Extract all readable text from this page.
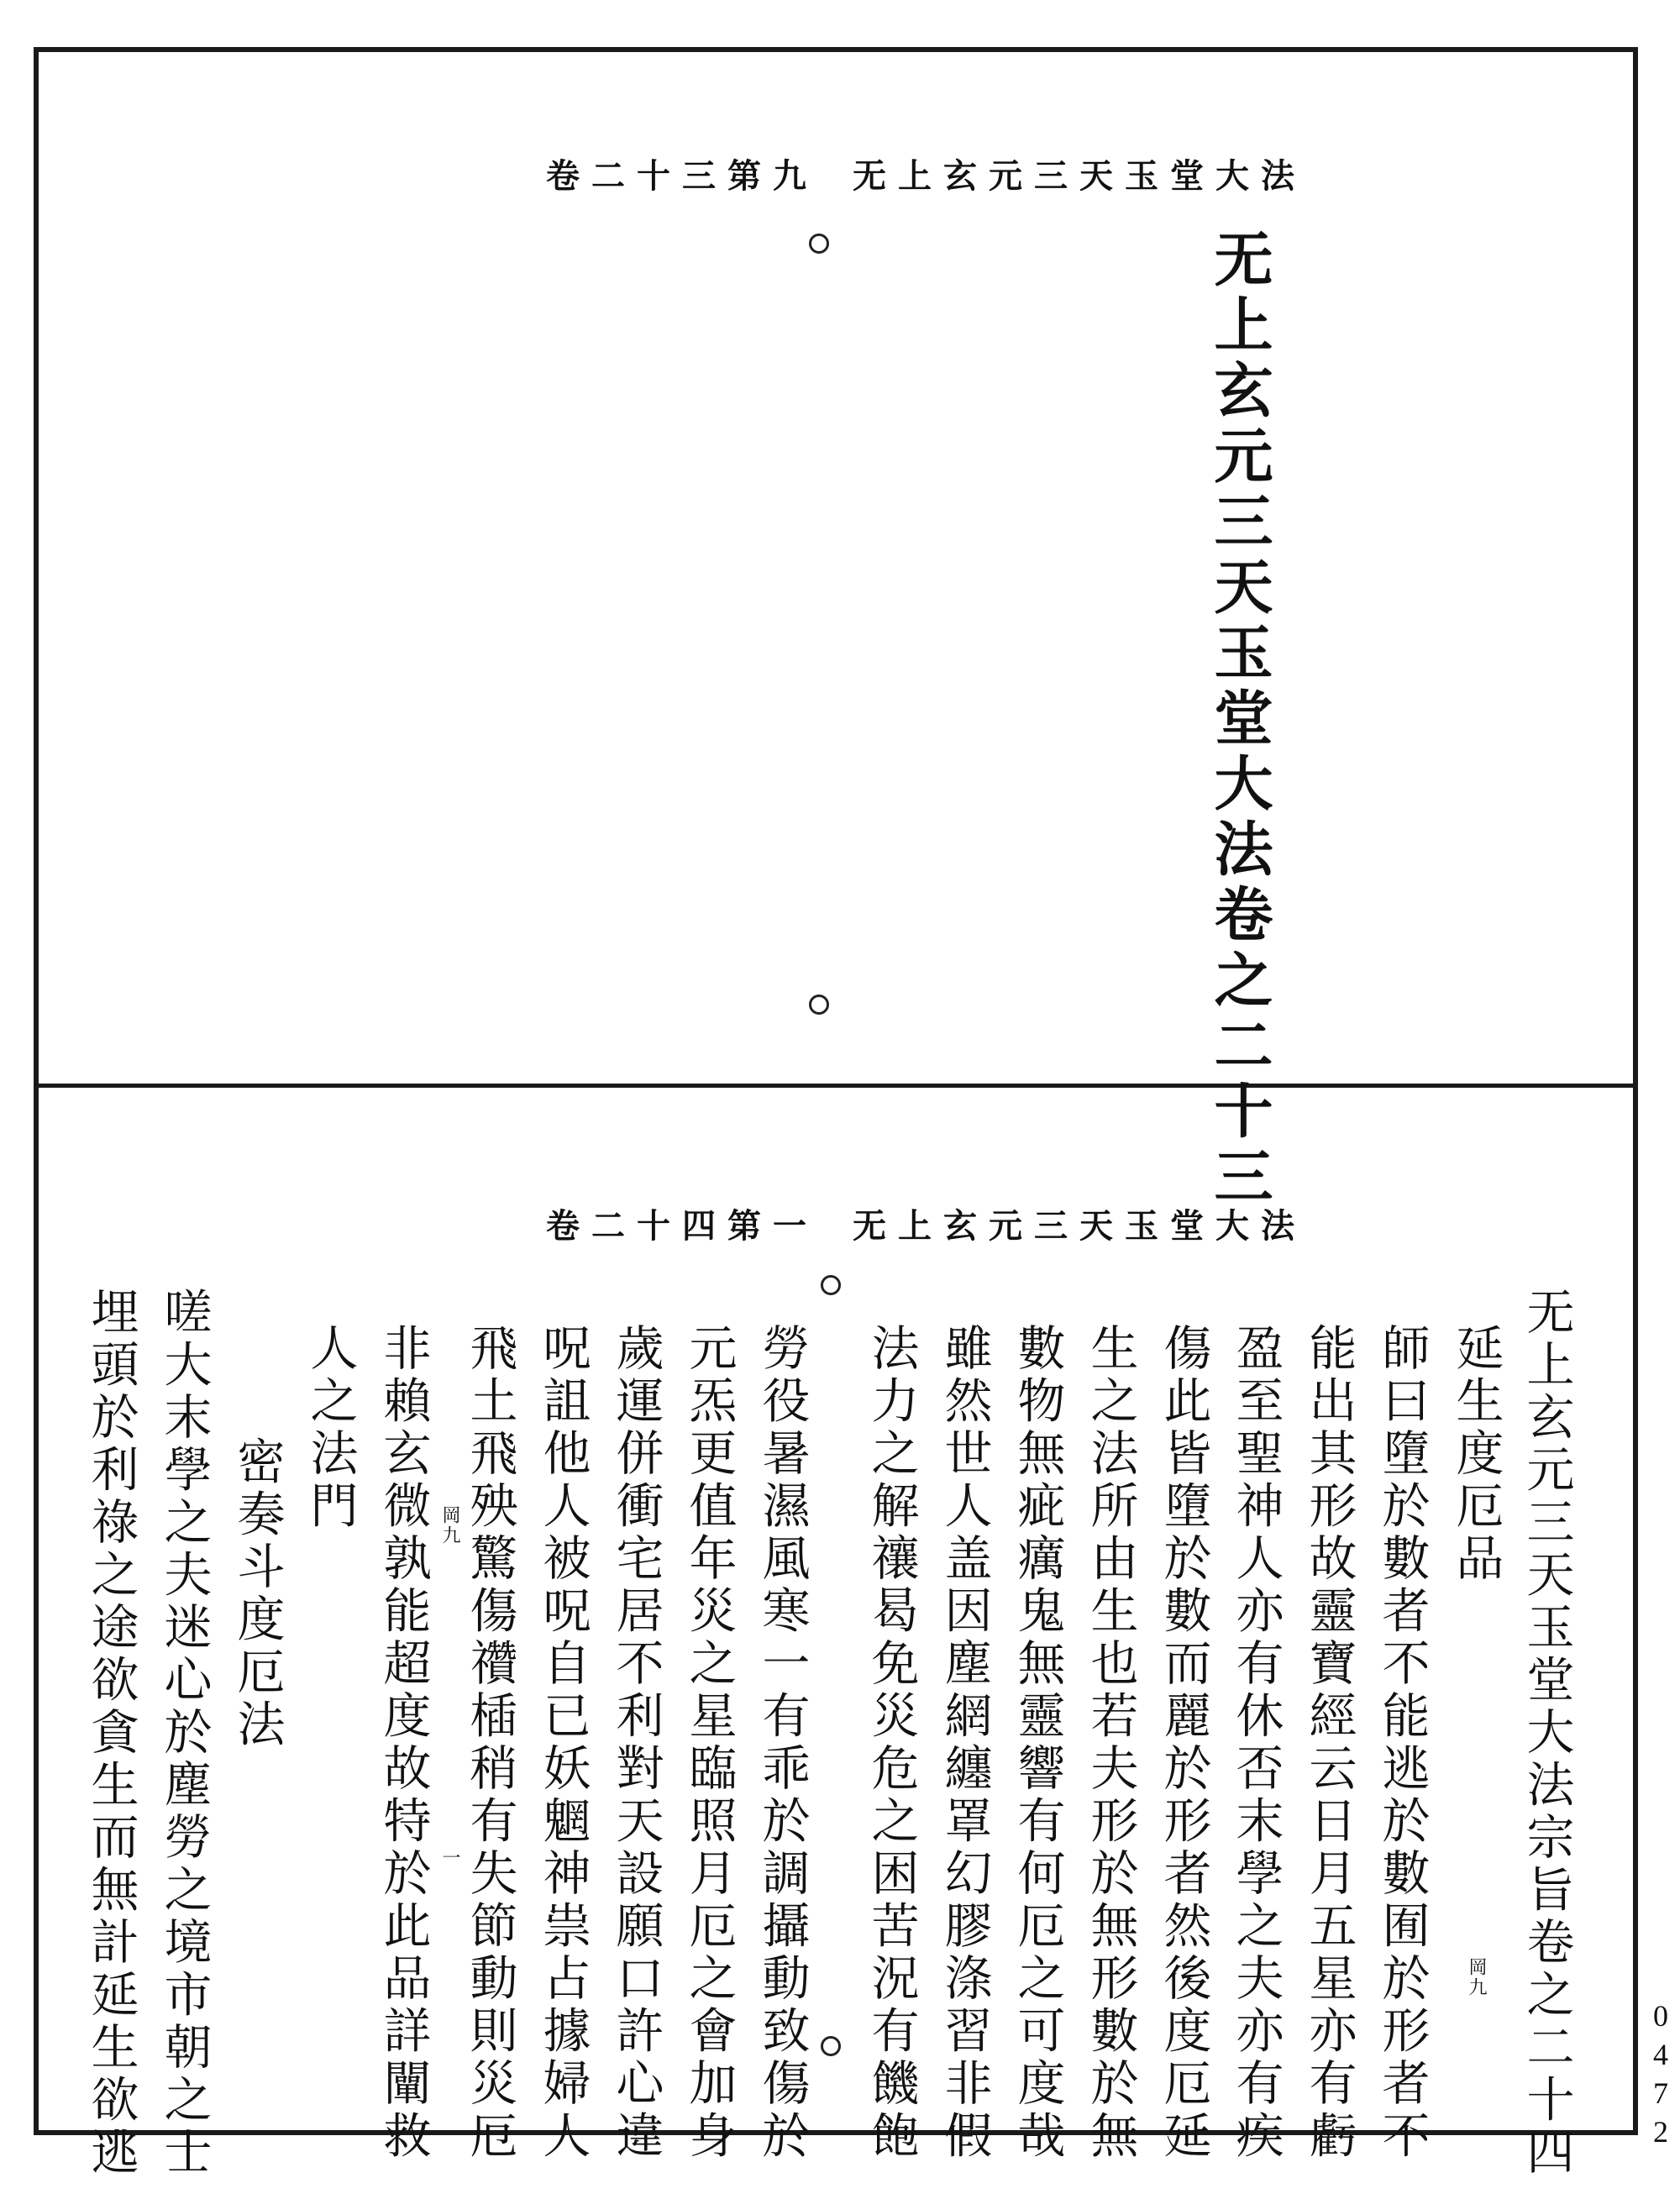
卷二十三第九 无上玄元三天玉堂大法
无上玄元三天玉堂大法卷之二十三
卷二十四第一 无上玄元三天玉堂大法
无上玄元三天玉堂大法宗旨卷之二十四
延生度厄品
師曰墮於數者不能逃於數囿於形者不
能出其形故靈寶經云日月五星亦有虧
盈至聖神人亦有休否末學之夫亦有疾
傷此皆墮於數而麗於形者然後度厄延
生之法所由生也若夫形於無形數於無
數物無疵癘鬼無靈響有何厄之可度哉
雖然世人盖因塵網纏罩幻膠涤習非假
法力之解禳曷免災危之困苦況有饑飽
勞役暑濕風寒一有乖於調攝動致傷於
元炁更值年災之星臨照月厄之會加身
歲運併衝宅居不利對天設願口許心違
呪詛他人被呪自已妖魍神祟占據婦人
飛土飛殃驚傷禶㮑稍有失節動則災厄
非賴玄微孰能超度故特於此品詳闡救
人之法門
密奏斗度厄法
嗟大末學之夫迷心於塵勞之境市朝之士
埋頭於利祿之途欲貪生而無計延生欲逃	岡九
岡九
一
0472
